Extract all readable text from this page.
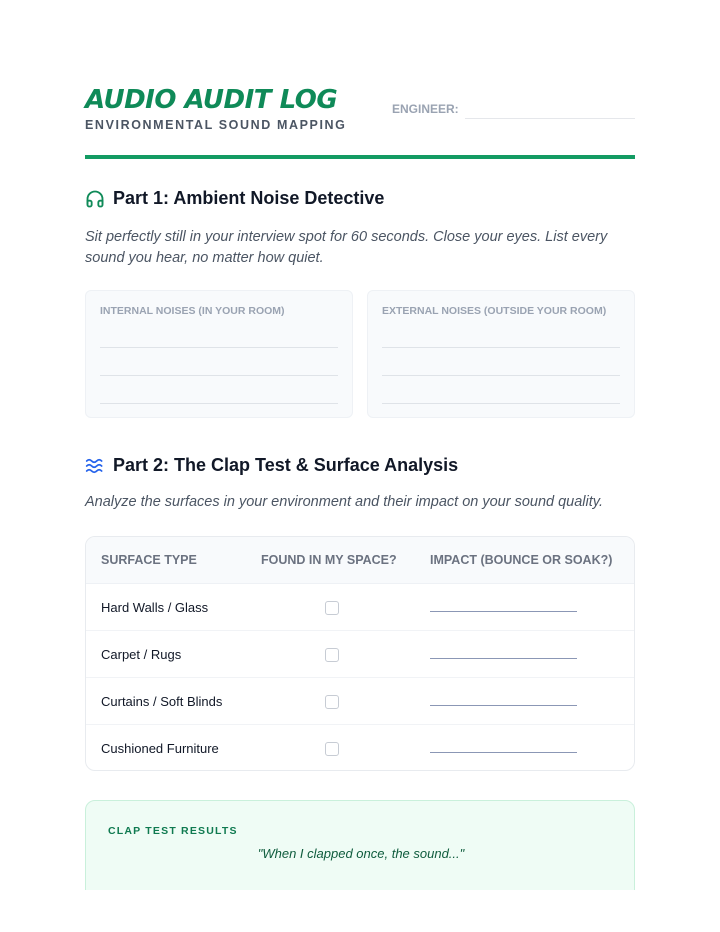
AUDIO AUDIT LOG
ENVIRONMENTAL SOUND MAPPING
ENGINEER:
Part 1: Ambient Noise Detective
Sit perfectly still in your interview spot for 60 seconds. Close your eyes. List every sound you hear, no matter how quiet.
INTERNAL NOISES (IN YOUR ROOM)	EXTERNAL NOISES (OUTSIDE YOUR ROOM)
Part 2: The Clap Test & Surface Analysis
Analyze the surfaces in your environment and their impact on your sound quality.
SURFACE TYPE	FOUND IN MY SPACE?	IMPACT (BOUNCE OR SOAK?)
Hard Walls / Glass
Carpet / Rugs
Curtains / Soft Blinds
Cushioned Furniture
CLAP TEST RESULTS
"When I clapped once, the sound..."
